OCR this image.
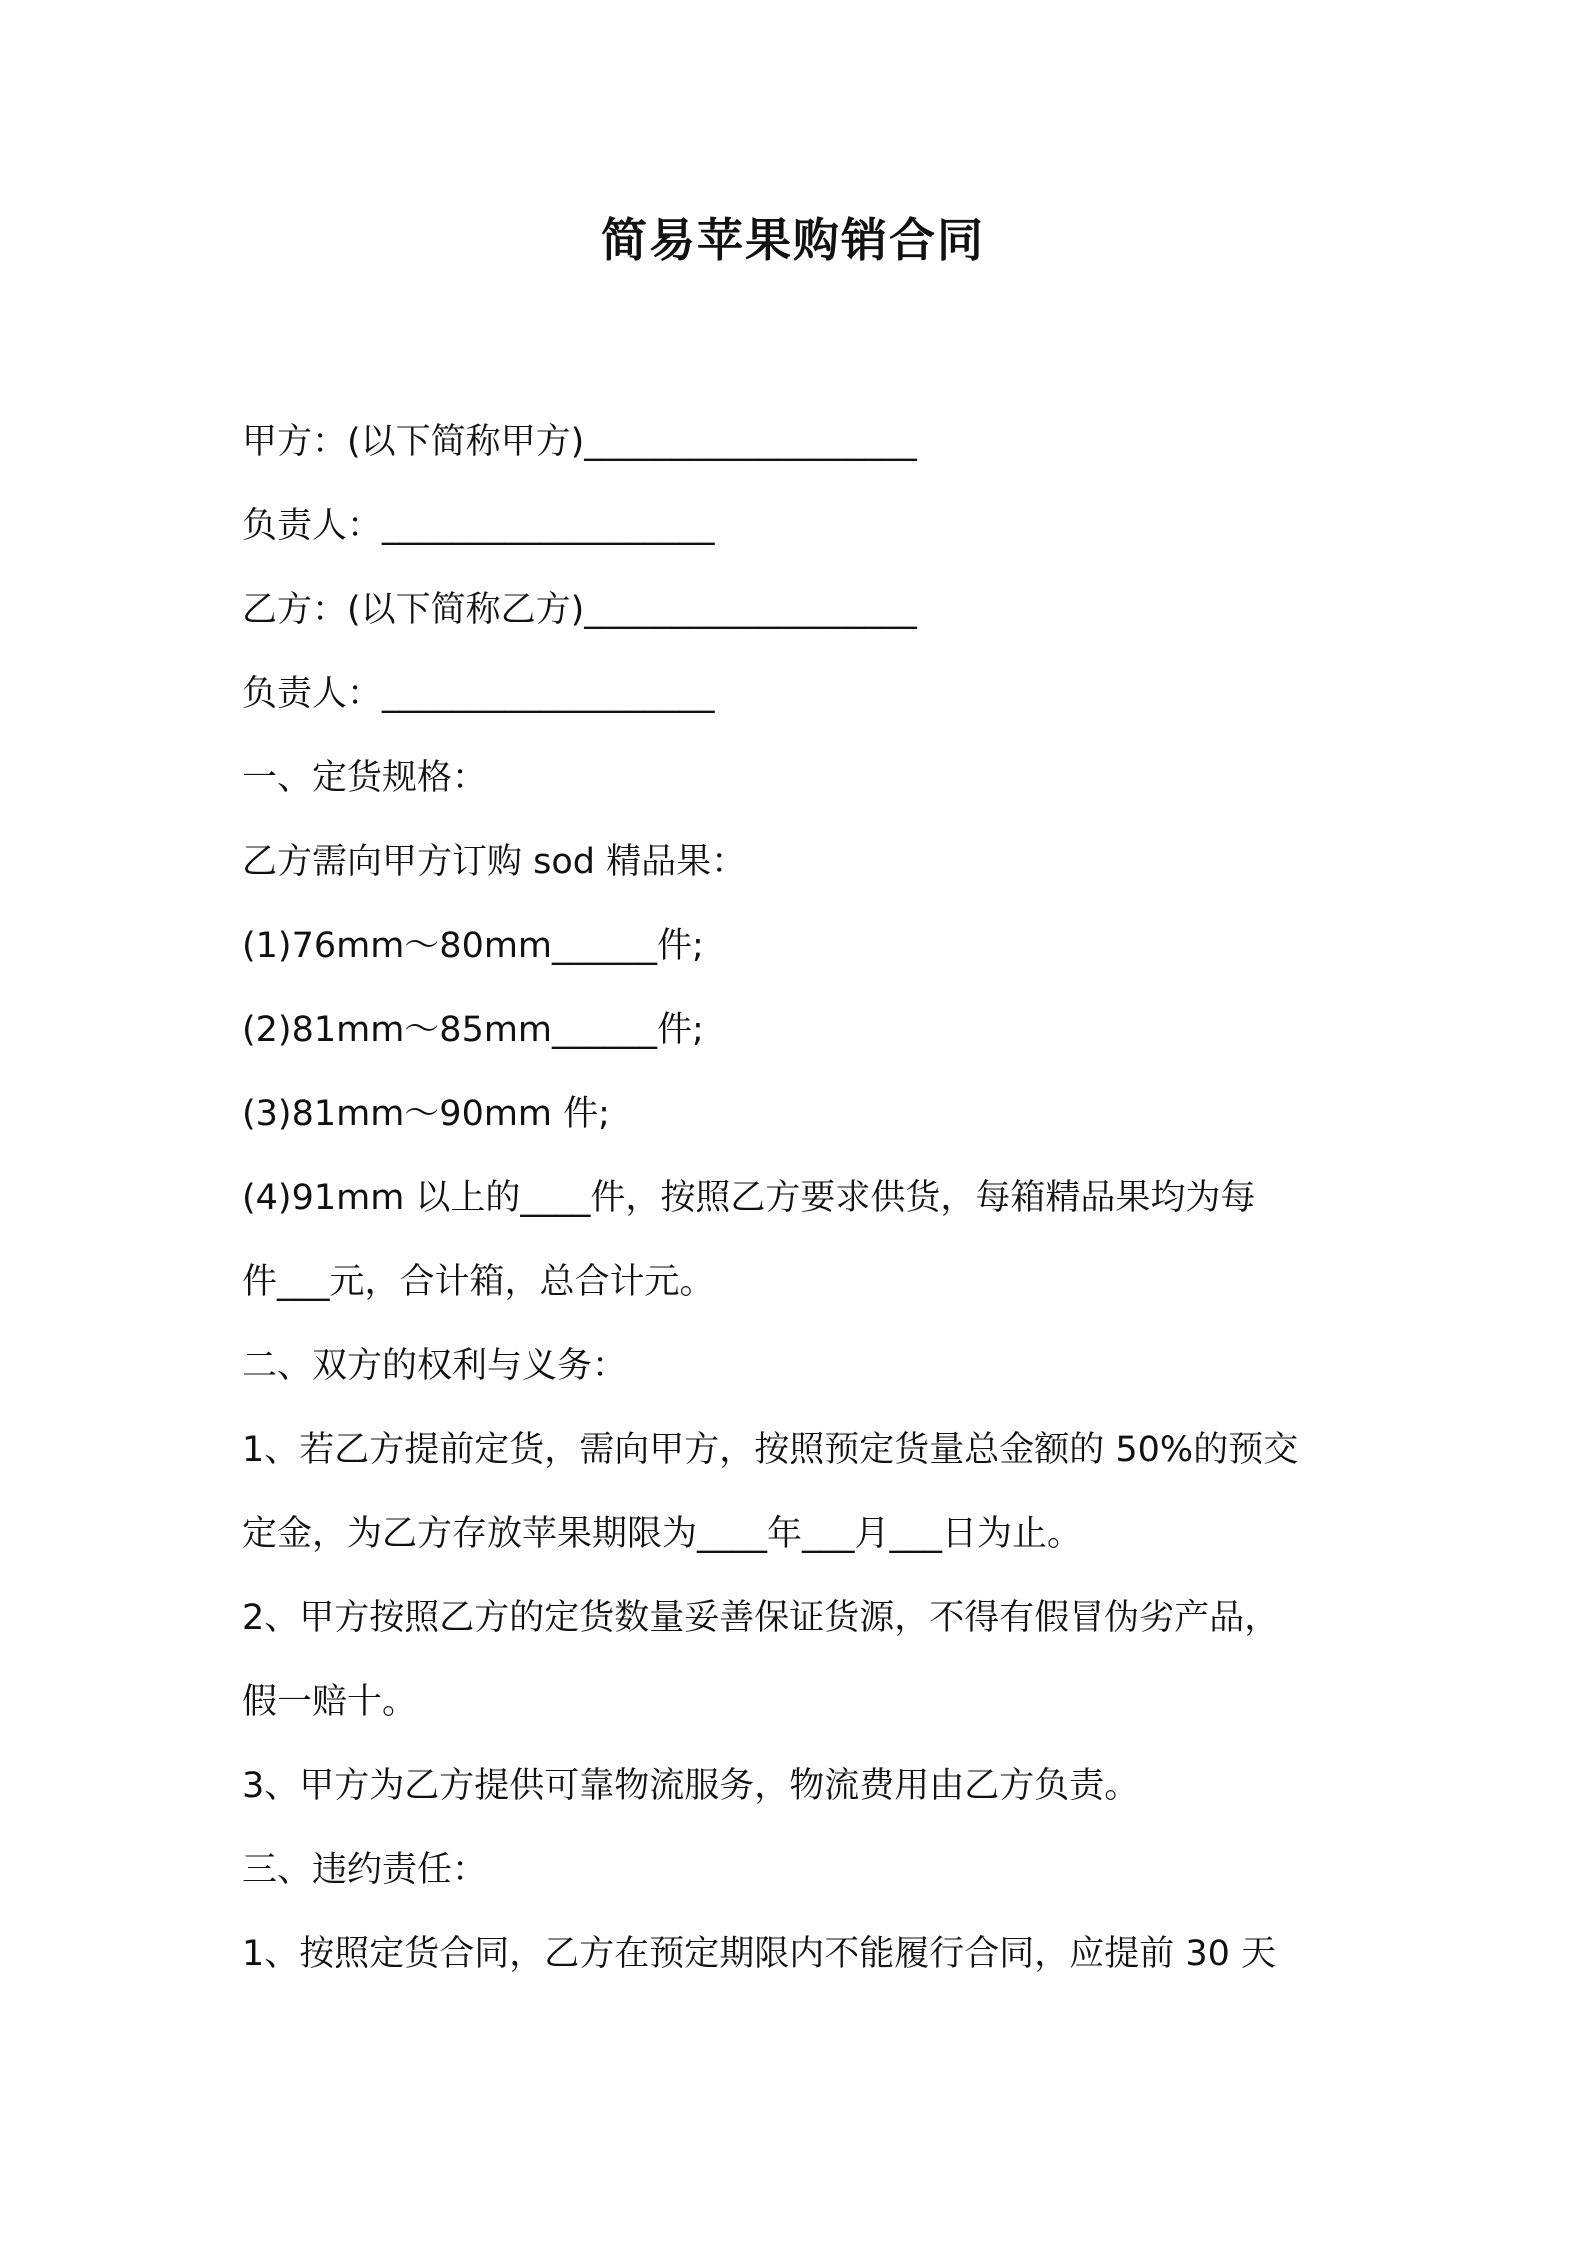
简易苹果购销合同
甲方：(以下简称甲方)___________________
负责人：___________________
乙方：(以下简称乙方)___________________
负责人：___________________
一、定货规格：
乙方需向甲方订购 sod 精品果：
(1)76mm～80mm______件;
(2)81mm～85mm______件;
(3)81mm～90mm 件;
(4)91mm 以上的____件，按照乙方要求供货，每箱精品果均为每
件___元，合计箱，总合计元。
二、双方的权利与义务：
1、若乙方提前定货，需向甲方，按照预定货量总金额的 50%的预交
定金，为乙方存放苹果期限为____年___月___日为止。
2、甲方按照乙方的定货数量妥善保证货源，不得有假冒伪劣产品，
假一赔十。
3、甲方为乙方提供可靠物流服务，物流费用由乙方负责。
三、违约责任：
1、按照定货合同，乙方在预定期限内不能履行合同，应提前 30 天
